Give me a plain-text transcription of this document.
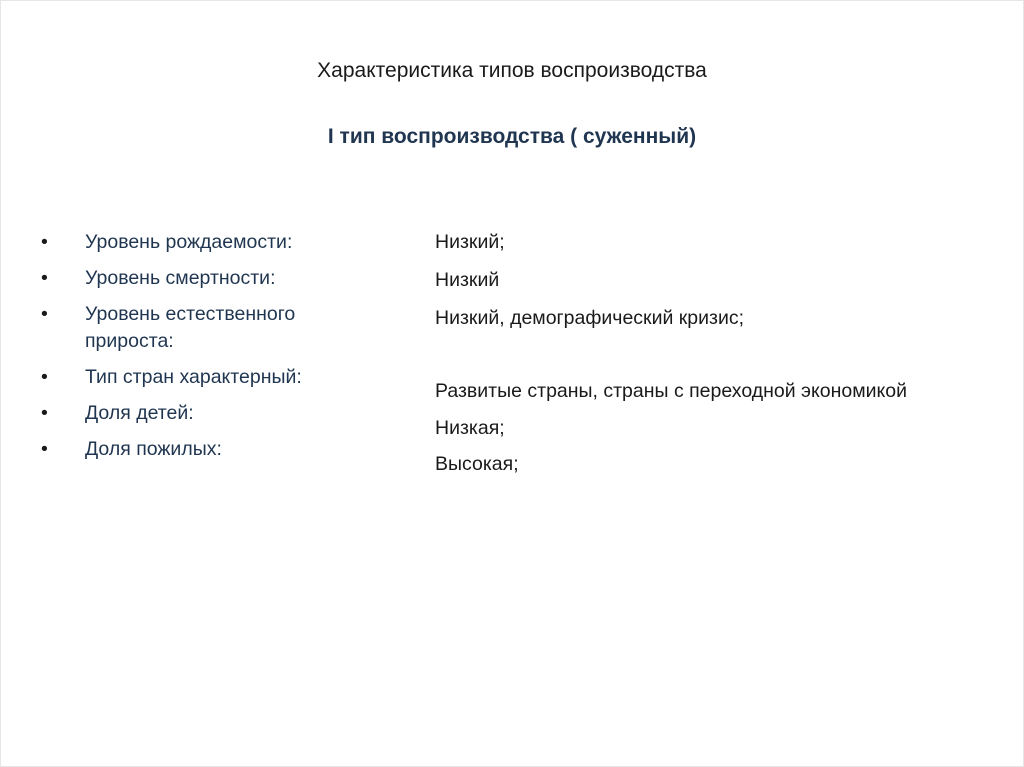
Характеристика типов воспроизводства
I тип воспроизводства ( суженный)
• Уровень рождаемости:
• Уровень смертности:
• Уровень естественного прироста:
• Тип стран характерный:
• Доля детей:
• Доля пожилых:
Низкий;
Низкий
Низкий, демографический кризис;
Развитые страны, страны с переходной экономикой
Низкая;
Высокая;
